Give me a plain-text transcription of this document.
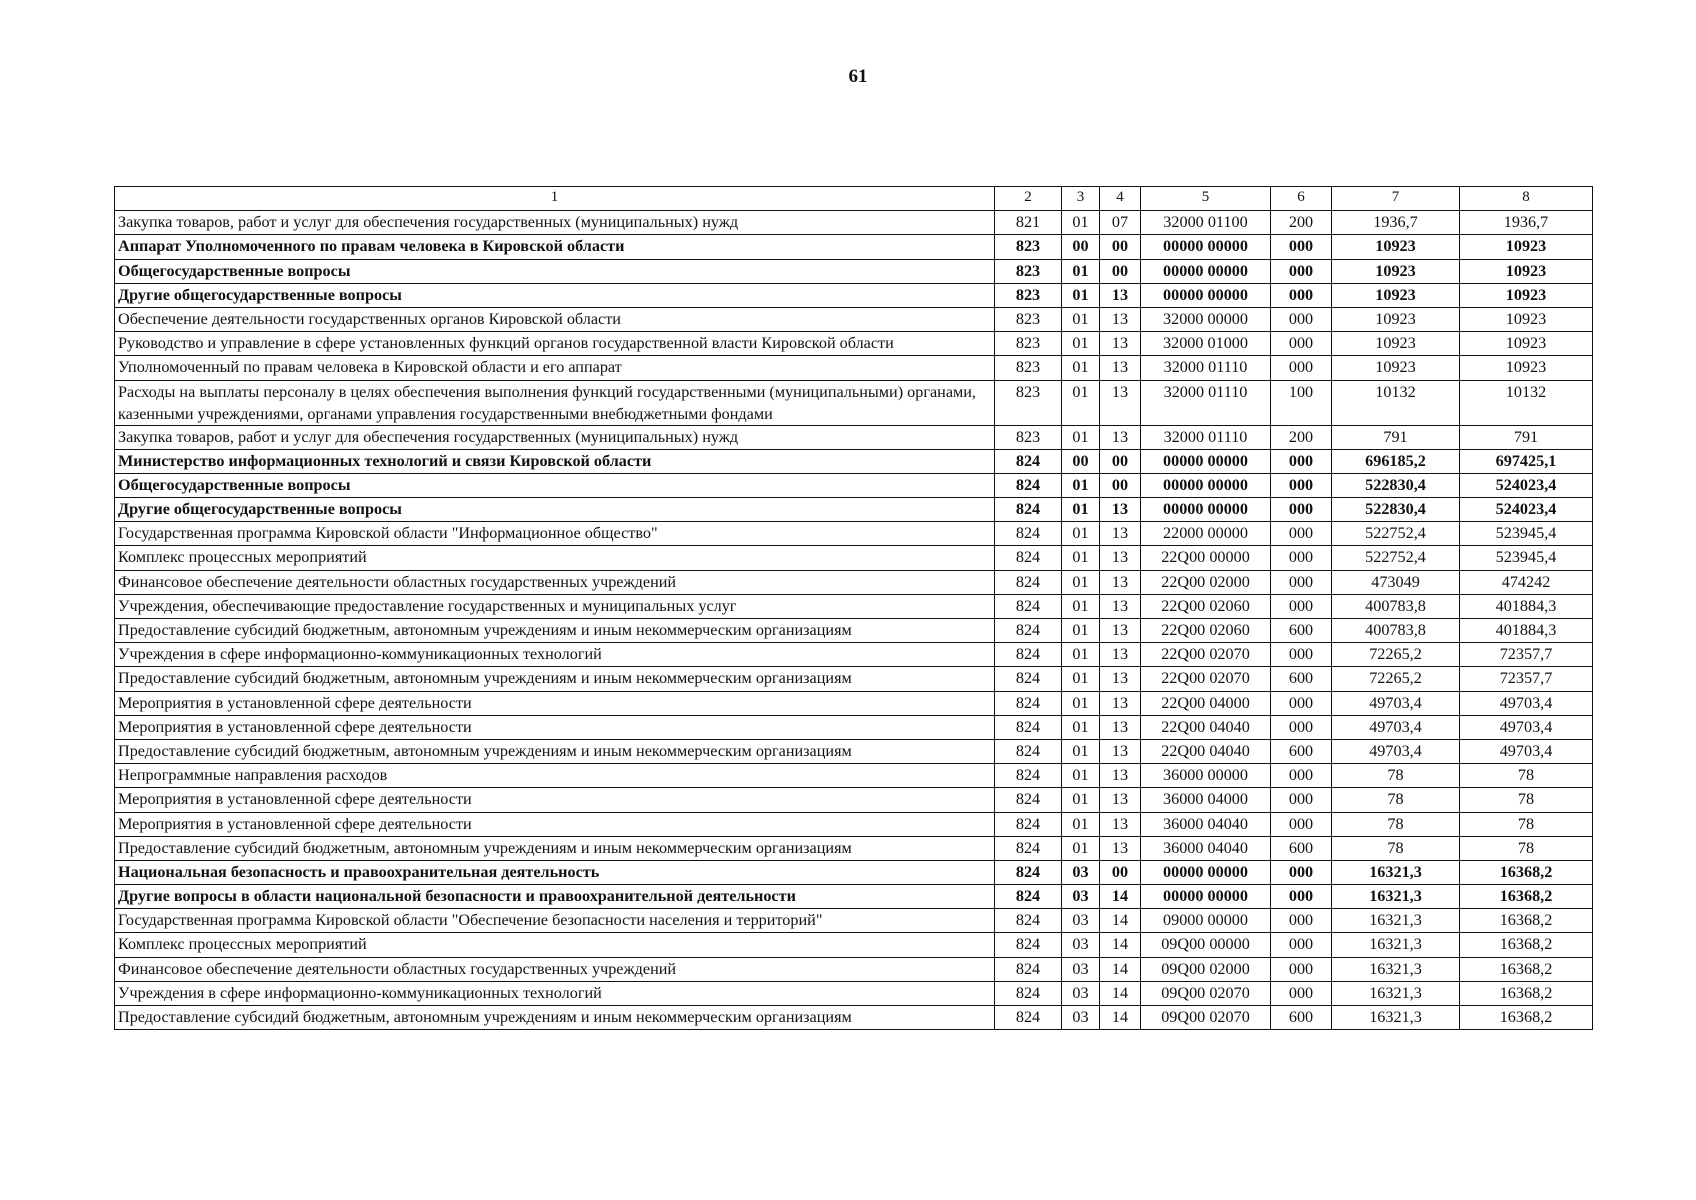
61
1	2	3	4	5	6	7	8
Закупка товаров, работ и услуг для обеспечения государственных (муниципальных) нужд	821	01	07	32000 01100	200	1936,7	1936,7
Аппарат Уполномоченного по правам человека в Кировской области	823	00	00	00000 00000	000	10923	10923
Общегосударственные вопросы	823	01	00	00000 00000	000	10923	10923
Другие общегосударственные вопросы	823	01	13	00000 00000	000	10923	10923
Обеспечение деятельности государственных органов Кировской области	823	01	13	32000 00000	000	10923	10923
Руководство и управление в сфере установленных функций органов государственной власти Кировской области	823	01	13	32000 01000	000	10923	10923
Уполномоченный по правам человека в Кировской области и его аппарат	823	01	13	32000 01110	000	10923	10923
Расходы на выплаты персоналу в целях обеспечения выполнения функций государственными (муниципальными) органами, казенными учреждениями, органами управления государственными внебюджетными фондами	823	01	13	32000 01110	100	10132	10132
Закупка товаров, работ и услуг для обеспечения государственных (муниципальных) нужд	823	01	13	32000 01110	200	791	791
Министерство информационных технологий и связи Кировской области	824	00	00	00000 00000	000	696185,2	697425,1
Общегосударственные вопросы	824	01	00	00000 00000	000	522830,4	524023,4
Другие общегосударственные вопросы	824	01	13	00000 00000	000	522830,4	524023,4
Государственная программа Кировской области "Информационное общество"	824	01	13	22000 00000	000	522752,4	523945,4
Комплекс процессных мероприятий	824	01	13	22Q00 00000	000	522752,4	523945,4
Финансовое обеспечение деятельности областных государственных учреждений	824	01	13	22Q00 02000	000	473049	474242
Учреждения, обеспечивающие предоставление государственных и муниципальных услуг	824	01	13	22Q00 02060	000	400783,8	401884,3
Предоставление субсидий бюджетным, автономным учреждениям и иным некоммерческим организациям	824	01	13	22Q00 02060	600	400783,8	401884,3
Учреждения в сфере информационно-коммуникационных технологий	824	01	13	22Q00 02070	000	72265,2	72357,7
Предоставление субсидий бюджетным, автономным учреждениям и иным некоммерческим организациям	824	01	13	22Q00 02070	600	72265,2	72357,7
Мероприятия в установленной сфере деятельности	824	01	13	22Q00 04000	000	49703,4	49703,4
Мероприятия в установленной сфере деятельности	824	01	13	22Q00 04040	000	49703,4	49703,4
Предоставление субсидий бюджетным, автономным учреждениям и иным некоммерческим организациям	824	01	13	22Q00 04040	600	49703,4	49703,4
Непрограммные направления расходов	824	01	13	36000 00000	000	78	78
Мероприятия в установленной сфере деятельности	824	01	13	36000 04000	000	78	78
Мероприятия в установленной сфере деятельности	824	01	13	36000 04040	000	78	78
Предоставление субсидий бюджетным, автономным учреждениям и иным некоммерческим организациям	824	01	13	36000 04040	600	78	78
Национальная безопасность и правоохранительная деятельность	824	03	00	00000 00000	000	16321,3	16368,2
Другие вопросы в области национальной безопасности и правоохранительной деятельности	824	03	14	00000 00000	000	16321,3	16368,2
Государственная программа Кировской области "Обеспечение безопасности населения и территорий"	824	03	14	09000 00000	000	16321,3	16368,2
Комплекс процессных мероприятий	824	03	14	09Q00 00000	000	16321,3	16368,2
Финансовое обеспечение деятельности областных государственных учреждений	824	03	14	09Q00 02000	000	16321,3	16368,2
Учреждения в сфере информационно-коммуникационных технологий	824	03	14	09Q00 02070	000	16321,3	16368,2
Предоставление субсидий бюджетным, автономным учреждениям и иным некоммерческим организациям	824	03	14	09Q00 02070	600	16321,3	16368,2
